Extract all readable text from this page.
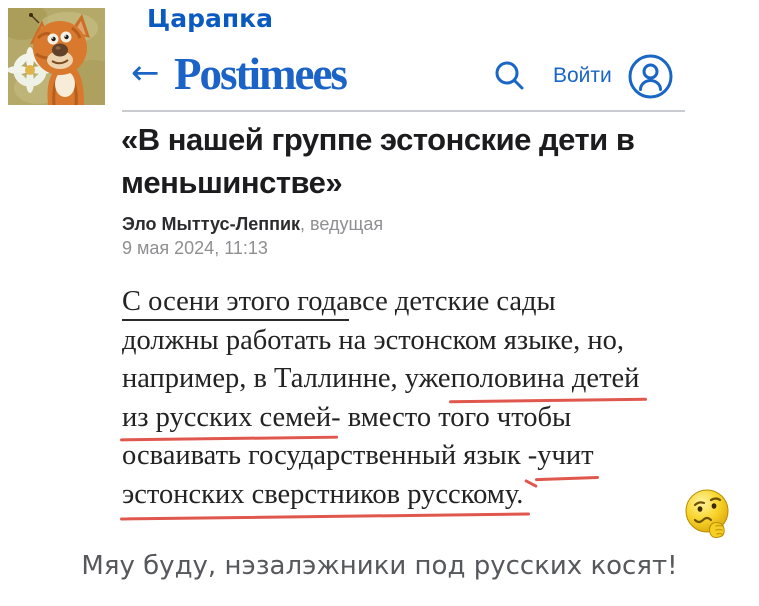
Царапка
← Postimees	Войти
«В нашей группе эстонские дети в меньшинстве»
Эло Мыттус-Леппик, ведущая
9 мая 2024, 11:13
С осени этого годавсе детские сады
должны работать на эстонском языке, но,
например, в Таллинне, ужеполовина детей
из русских семей- вместо того чтобы
осваивать государственный язык -учит
эстонских сверстников русскому.
Мяу буду, нэзалэжники под русских косят!
